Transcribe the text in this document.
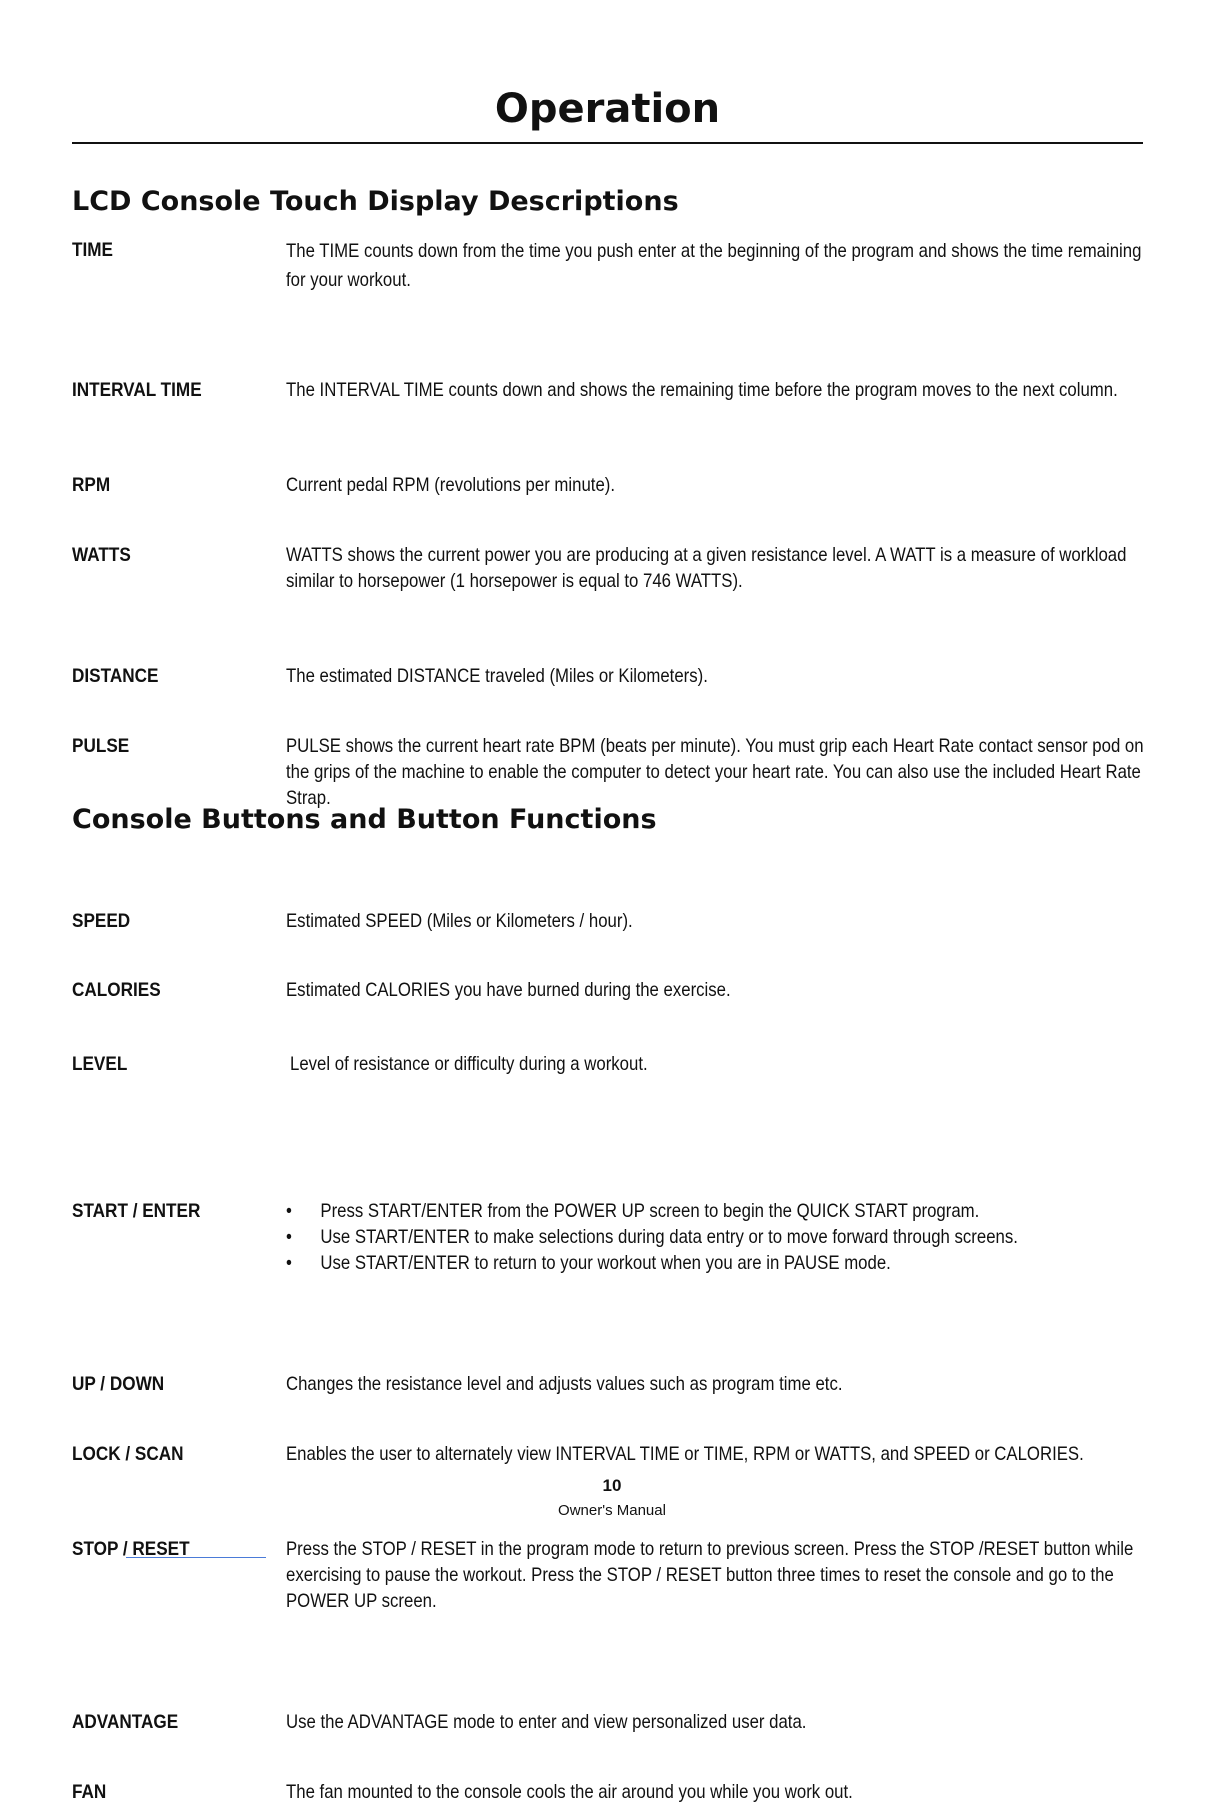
Operation
LCD Console Touch Display Descriptions
TIME	The TIME counts down from the time you push enter at the beginning of the program and shows the time remaining for your workout.
INTERVAL TIME	The INTERVAL TIME counts down and shows the remaining time before the program moves to the next column.
RPM	Current pedal RPM (revolutions per minute).
WATTS	WATTS shows the current power you are producing at a given resistance level. A WATT is a measure of workload similar to horsepower (1 horsepower is equal to 746 WATTS).
DISTANCE	The estimated DISTANCE traveled (Miles or Kilometers).
PULSE	PULSE shows the current heart rate BPM (beats per minute). You must grip each Heart Rate contact sensor pod on the grips of the machine to enable the computer to detect your heart rate. You can also use the included Heart Rate Strap.
SPEED	Estimated SPEED (Miles or Kilometers / hour).
CALORIES	Estimated CALORIES you have burned during the exercise.
LEVEL	Level of resistance or difficulty during a workout.
Console Buttons and Button Functions
START / ENTER
•	Press START/ENTER from the POWER UP screen to begin the QUICK START program.
• Use START/ENTER to make selections during data entry or to move forward through screens.
• Use START/ENTER to return to your workout when you are in PAUSE mode.
UP / DOWN	Changes the resistance level and adjusts values such as program time etc.
LOCK / SCAN	Enables the user to alternately view INTERVAL TIME or TIME, RPM or WATTS, and SPEED or CALORIES.
STOP / RESET	Press the STOP / RESET in the program mode to return to previous screen. Press the STOP /RESET button while exercising to pause the workout. Press the STOP / RESET button three times to reset the console and go to the POWER UP screen.
ADVANTAGE	Use the ADVANTAGE mode to enter and view personalized user data.
FAN	The fan mounted to the console cools the air around you while you work out.
10
Owner's Manual
